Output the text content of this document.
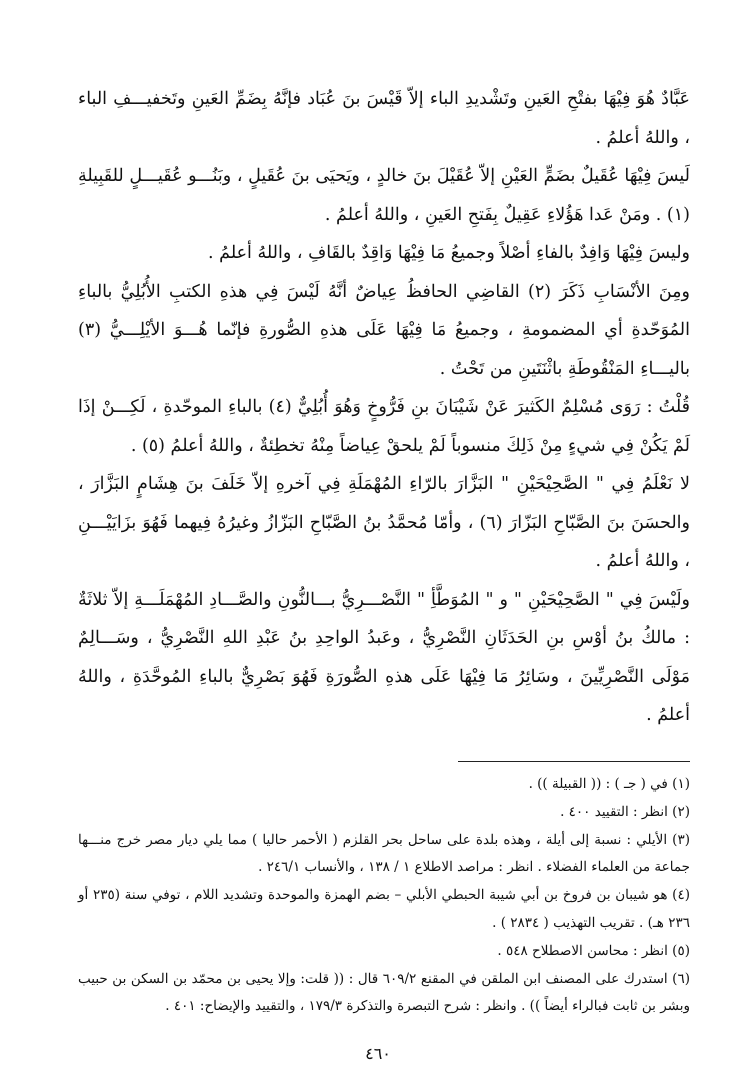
عَبَّادٌ هُوَ فِيْهَا بفتْحِ العَينِ وتَشْديدِ الباء إلاّ قَيْسَ بنَ عُبَاد فإنَّهُ بِضَمِّ العَينِ وتَخفيـــفِ الباء ، واللهُ أعلمُ .

لَيسَ فِيْهَا عُقَيلٌ بضَمٍّ العَيْنِ إلاّ عُقَيْلَ بنَ خالدٍ ، ويَحيَى بنَ عُقَيلٍ ، وبَنُـــو عُقَيـــلٍ للقَبِيلةِ (١) . ومَنْ عَدا هَؤُلاءِ عَقِيلٌ بِفَتحِ العَينِ ، واللهُ أعلمُ .

وليسَ فِيْهَا وَافِدٌ بالفاءِ أصْلاً وجميعُ مَا فِيْهَا وَاقِدٌ بالقَافِ ، واللهُ أعلمُ .

ومِنَ الأنْسَابِ ذَكَرَ (٢) القاضِي الحافظُ عِياضٌ أنَّهُ لَيْسَ فِي هذهِ الكتبِ الأُبُلِيُّ بالباءِ المُوَحّدةِ أي المضمومةِ ، وجميعُ مَا فِيْهَا عَلَى هذهِ الصُّورةِ فإنّما هُـــوَ الأيْلِـــيُّ (٣) باليـــاءِ المَنْقُوطَةِ باثْنَتَينِ من تَحْتُ .

قُلْتُ : رَوَى مُسْلِمٌ الكَثيرَ عَنْ شَيْبَانَ بنِ فَرُّوخٍ وَهُوَ أُبُلِيٌّ (٤) بالباءِ الموحّدةِ ، لَكِـــنْ إذَا لَمْ يَكُنْ فِي شيءٍ مِنْ ذَلِكَ منسوباً لَمْ يلحقْ عِياضاً مِنْهُ تخطِئةٌ ، واللهُ أعلمُ (٥) .

لا نَعْلَمُ فِي " الصَّحِيْحَيْنِ " البَزَّارَ بالرّاءِ المُهْمَلَةِ فِي آخرهِ إلاّ خَلَفَ بنَ هِشَامٍ البَزَّارَ ، والحسَنَ بنَ الصَّبّاحِ البَزّارَ (٦) ، وأمّا مُحمَّدُ بنُ الصَّبّاحِ البَزّازُ وغيرُهُ فِيهما فَهُوَ بزَايَيْـــنِ ، واللهُ أعلمُ .

ولَيْسَ فِي " الصَّحِيْحَيْنِ " و " المُوَطَّأِ " النَّصْـــرِيُّ بـــالنُّونِ والصَّـــادِ المُهْمَلَـــةِ إلاّ ثلاثَةٌ : مالكُ بنُ أوْسِ بنِ الحَدَثَانِ النَّصْرِيُّ ، وعَبدُ الواحِدِ بنُ عَبْدِ اللهِ النَّصْرِيُّ ، وسَـــالِمٌ مَوْلَى النَّصْرِيِّينَ ، وسَائِرُ مَا فِيْهَا عَلَى هذهِ الصُّورَةِ فَهُوَ بَصْرِيٌّ بالباءِ المُوحَّدَةِ ، واللهُ أعلمُ .

(١) في ( جـ ) : (( القبيلة )) .

(٢) انظر : التقييد ٤٠٠ .

(٣) الأيلي : نسبة إلى أيلة ، وهذه بلدة على ساحل بحر القلزم ( الأحمر حاليا ) مما يلي ديار مصر خرج منـــها جماعة من العلماء الفضلاء . انظر : مراصد الاطلاع ١ / ١٣٨ ، والأنساب ٢٤٦/١ .

(٤) هو شيبان بن فروخ بن أبي شيبة الحبطي الأبلي – بضم الهمزة والموحدة وتشديد اللام ، توفي سنة (٢٣٥ أو ٢٣٦ هـ) . تقريب التهذيب ( ٢٨٣٤ ) .

(٥) انظر : محاسن الاصطلاح ٥٤٨ .

(٦) استدرك على المصنف ابن الملقن في المقنع ٦٠٩/٢ قال : (( قلت: وإلا يحيى بن محمّد بن السكن بن حبيب وبشر بن ثابت فبالراء أيضاً )) . وانظر : شرح التبصرة والتذكرة ١٧٩/٣ ، والتقييد والإيضاح: ٤٠١ .

٤٦٠
